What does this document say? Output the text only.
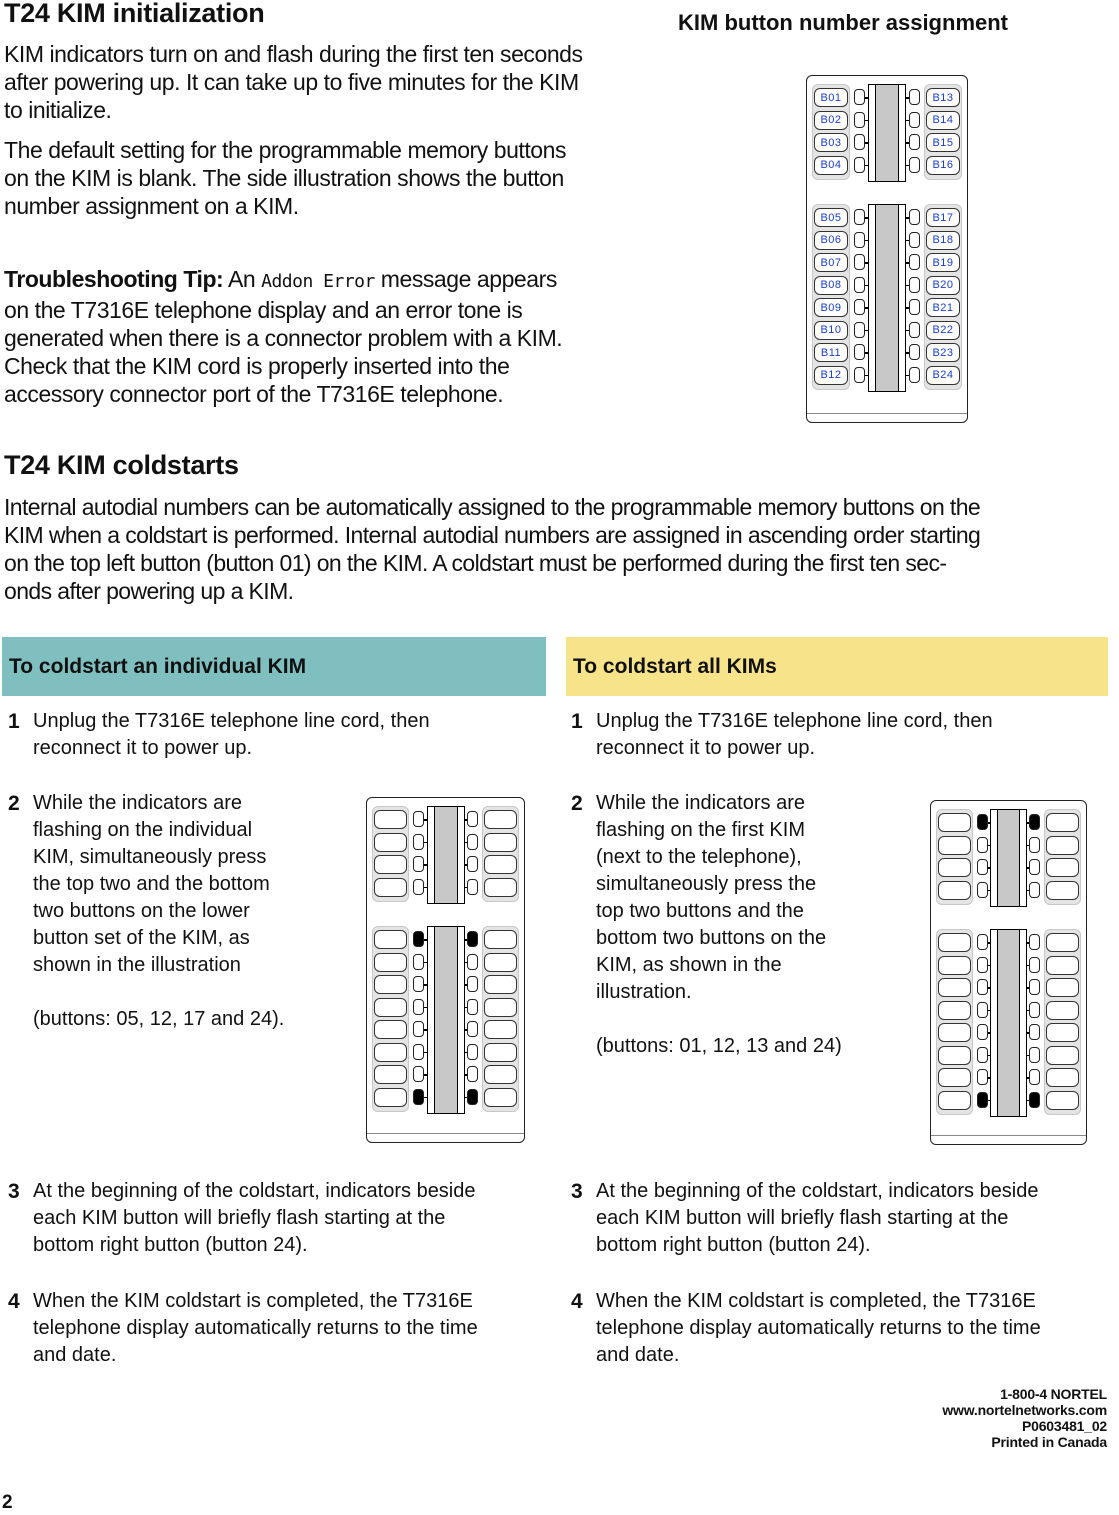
T24 KIM initialization
KIM indicators turn on and flash during the first ten seconds
after powering up. It can take up to five minutes for the KIM
to initialize.
The default setting for the programmable memory buttons
on the KIM is blank. The side illustration shows the button
number assignment on a KIM.
Troubleshooting Tip: An Addon Error message appears
on the T7316E telephone display and an error tone is
generated when there is a connector problem with a KIM.
Check that the KIM cord is properly inserted into the
accessory connector port of the T7316E telephone.
KIM button number assignment
B01	B13
B02	B14
B03	B15
B04	B16
B05	B17
B06	B18
B07	B19
B08	B20
B09	B21
B10	B22
B11	B23
B12	B24
T24 KIM coldstarts
Internal autodial numbers can be automatically assigned to the programmable memory buttons on the
KIM when a coldstart is performed. Internal autodial numbers are assigned in ascending order starting
on the top left button (button 01) on the KIM. A coldstart must be performed during the first ten sec-
onds after powering up a KIM.
To coldstart an individual KIM
1 Unplug the T7316E telephone line cord, then
reconnect it to power up.
2 While the indicators are
flashing on the individual
KIM, simultaneously press
the top two and the bottom
two buttons on the lower
button set of the KIM, as
shown in the illustration
(buttons: 05, 12, 17 and 24).
3 At the beginning of the coldstart, indicators beside
each KIM button will briefly flash starting at the
bottom right button (button 24).
4 When the KIM coldstart is completed, the T7316E
telephone display automatically returns to the time
and date.
To coldstart all KIMs
1 Unplug the T7316E telephone line cord, then
reconnect it to power up.
2 While the indicators are
flashing on the first KIM
(next to the telephone),
simultaneously press the
top two buttons and the
bottom two buttons on the
KIM, as shown in the
illustration.
(buttons: 01, 12, 13 and 24)
3 At the beginning of the coldstart, indicators beside
each KIM button will briefly flash starting at the
bottom right button (button 24).
4 When the KIM coldstart is completed, the T7316E
telephone display automatically returns to the time
and date.
1-800-4 NORTEL
www.nortelnetworks.com
P0603481_02
Printed in Canada
2
